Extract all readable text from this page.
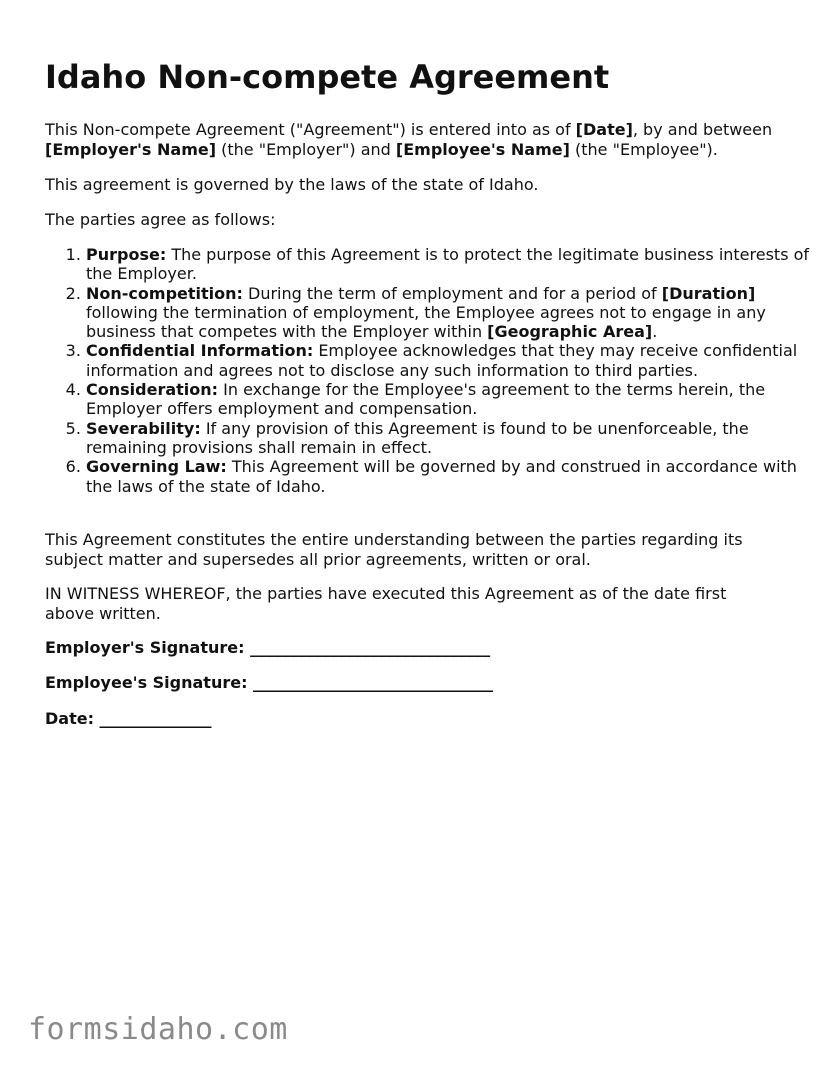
Idaho Non-compete Agreement

This Non-compete Agreement ("Agreement") is entered into as of [Date], by and between [Employer's Name] (the "Employer") and [Employee's Name] (the "Employee").

This agreement is governed by the laws of the state of Idaho.

The parties agree as follows:

1. Purpose: The purpose of this Agreement is to protect the legitimate business interests of the Employer.
2. Non-competition: During the term of employment and for a period of [Duration] following the termination of employment, the Employee agrees not to engage in any business that competes with the Employer within [Geographic Area].
3. Confidential Information: Employee acknowledges that they may receive confidential information and agrees not to disclose any such information to third parties.
4. Consideration: In exchange for the Employee's agreement to the terms herein, the Employer offers employment and compensation.
5. Severability: If any provision of this Agreement is found to be unenforceable, the remaining provisions shall remain in effect.
6. Governing Law: This Agreement will be governed by and construed in accordance with the laws of the state of Idaho.

This Agreement constitutes the entire understanding between the parties regarding its subject matter and supersedes all prior agreements, written or oral.

IN WITNESS WHEREOF, the parties have executed this Agreement as of the date first above written.

Employer's Signature: ______________________________

Employee's Signature: ______________________________

Date: ______________

formsidaho.com
